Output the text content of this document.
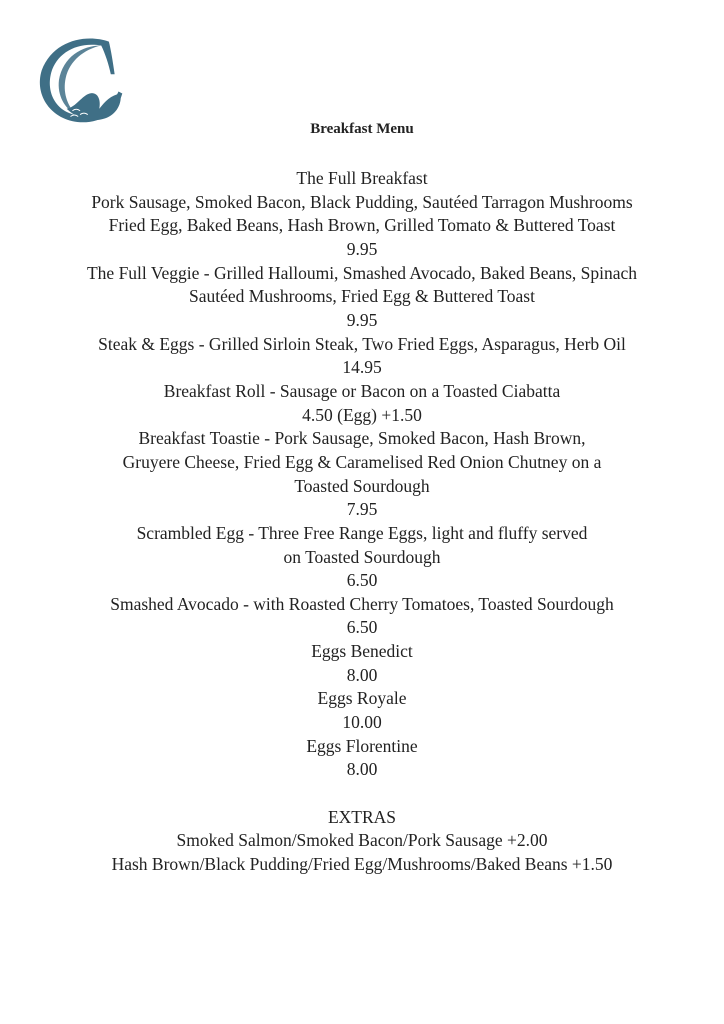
Breakfast Menu
The Full Breakfast
Pork Sausage, Smoked Bacon, Black Pudding, Sautéed Tarragon Mushrooms
Fried Egg, Baked Beans, Hash Brown, Grilled Tomato & Buttered Toast
9.95
The Full Veggie - Grilled Halloumi, Smashed Avocado, Baked Beans, Spinach
Sautéed Mushrooms, Fried Egg & Buttered Toast
9.95
Steak & Eggs - Grilled Sirloin Steak, Two Fried Eggs, Asparagus, Herb Oil
14.95
Breakfast Roll - Sausage or Bacon on a Toasted Ciabatta
4.50 (Egg) +1.50
Breakfast Toastie - Pork Sausage, Smoked Bacon, Hash Brown,
Gruyere Cheese, Fried Egg & Caramelised Red Onion Chutney on a
Toasted Sourdough
7.95
Scrambled Egg - Three Free Range Eggs, light and fluffy served
on Toasted Sourdough
6.50
Smashed Avocado - with Roasted Cherry Tomatoes, Toasted Sourdough
6.50
Eggs Benedict
8.00
Eggs Royale
10.00
Eggs Florentine
8.00
EXTRAS
Smoked Salmon/Smoked Bacon/Pork Sausage +2.00
Hash Brown/Black Pudding/Fried Egg/Mushrooms/Baked Beans +1.50
